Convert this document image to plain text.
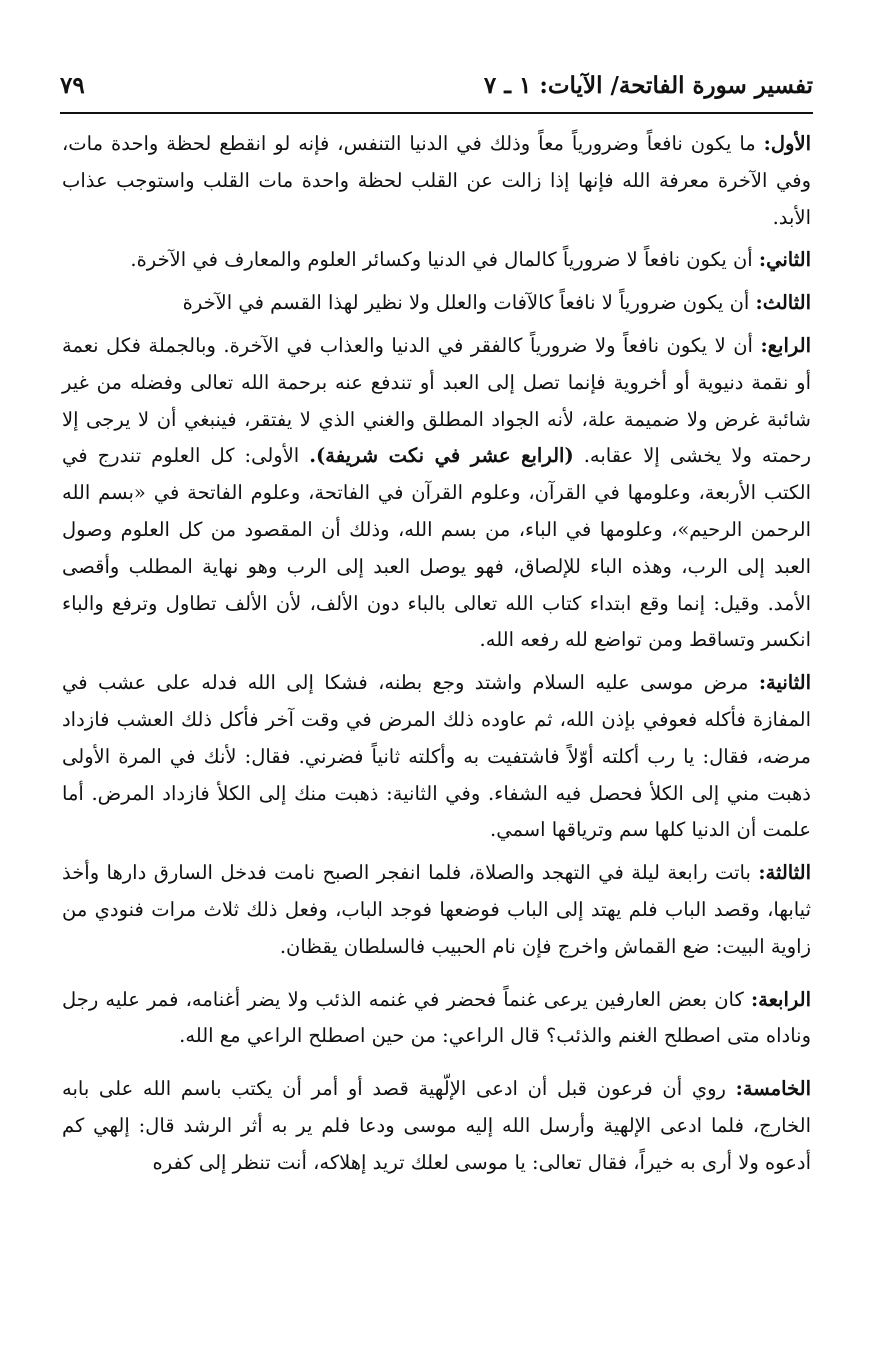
تفسير سورة الفاتحة/ الآيات: ١ ـ ٧
٧٩

الأول: ما يكون نافعاً وضرورياً معاً وذلك في الدنيا التنفس، فإنه لو انقطع لحظة واحدة مات، وفي الآخرة معرفة الله فإنها إذا زالت عن القلب لحظة واحدة مات القلب واستوجب عذاب الأبد.

الثاني: أن يكون نافعاً لا ضرورياً كالمال في الدنيا وكسائر العلوم والمعارف في الآخرة.

الثالث: أن يكون ضرورياً لا نافعاً كالآفات والعلل ولا نظير لهذا القسم في الآخرة

الرابع: أن لا يكون نافعاً ولا ضرورياً كالفقر في الدنيا والعذاب في الآخرة. وبالجملة فكل نعمة أو نقمة دنيوية أو أخروية فإنما تصل إلى العبد أو تندفع عنه برحمة الله تعالى وفضله من غير شائبة غرض ولا ضميمة علة، لأنه الجواد المطلق والغني الذي لا يفتقر، فينبغي أن لا يرجى إلا رحمته ولا يخشى إلا عقابه. (الرابع عشر في نكت شريفة). الأولى: كل العلوم تندرج في الكتب الأربعة، وعلومها في القرآن، وعلوم القرآن في الفاتحة، وعلوم الفاتحة في «بسم الله الرحمن الرحيم»، وعلومها في الباء، من بسم الله، وذلك أن المقصود من كل العلوم وصول العبد إلى الرب، وهذه الباء للإلصاق، فهو يوصل العبد إلى الرب وهو نهاية المطلب وأقصى الأمد. وقيل: إنما وقع ابتداء كتاب الله تعالى بالباء دون الألف، لأن الألف تطاول وترفع والباء انكسر وتساقط ومن تواضع لله رفعه الله.

الثانية: مرض موسى عليه السلام واشتد وجع بطنه، فشكا إلى الله فدله على عشب في المفازة فأكله فعوفي بإذن الله، ثم عاوده ذلك المرض في وقت آخر فأكل ذلك العشب فازداد مرضه، فقال: يا رب أكلته أوّلاً فاشتفيت به وأكلته ثانياً فضرني. فقال: لأنك في المرة الأولى ذهبت مني إلى الكلأ فحصل فيه الشفاء. وفي الثانية: ذهبت منك إلى الكلأ فازداد المرض. أما علمت أن الدنيا كلها سم وترياقها اسمي.

الثالثة: باتت رابعة ليلة في التهجد والصلاة، فلما انفجر الصبح نامت فدخل السارق دارها وأخذ ثيابها، وقصد الباب فلم يهتد إلى الباب فوضعها فوجد الباب، وفعل ذلك ثلاث مرات فنودي من زاوية البيت: ضع القماش واخرج فإن نام الحبيب فالسلطان يقظان.

الرابعة: كان بعض العارفين يرعى غنماً فحضر في غنمه الذئب ولا يضر أغنامه، فمر عليه رجل وناداه متى اصطلح الغنم والذئب؟ قال الراعي: من حين اصطلح الراعي مع الله.

الخامسة: روي أن فرعون قبل أن ادعى الإلّهية قصد أو أمر أن يكتب باسم الله على بابه الخارج، فلما ادعى الإلهية وأرسل الله إليه موسى ودعا فلم ير به أثر الرشد قال: إلهي كم أدعوه ولا أرى به خيراً، فقال تعالى: يا موسى لعلك تريد إهلاكه، أنت تنظر إلى كفره
